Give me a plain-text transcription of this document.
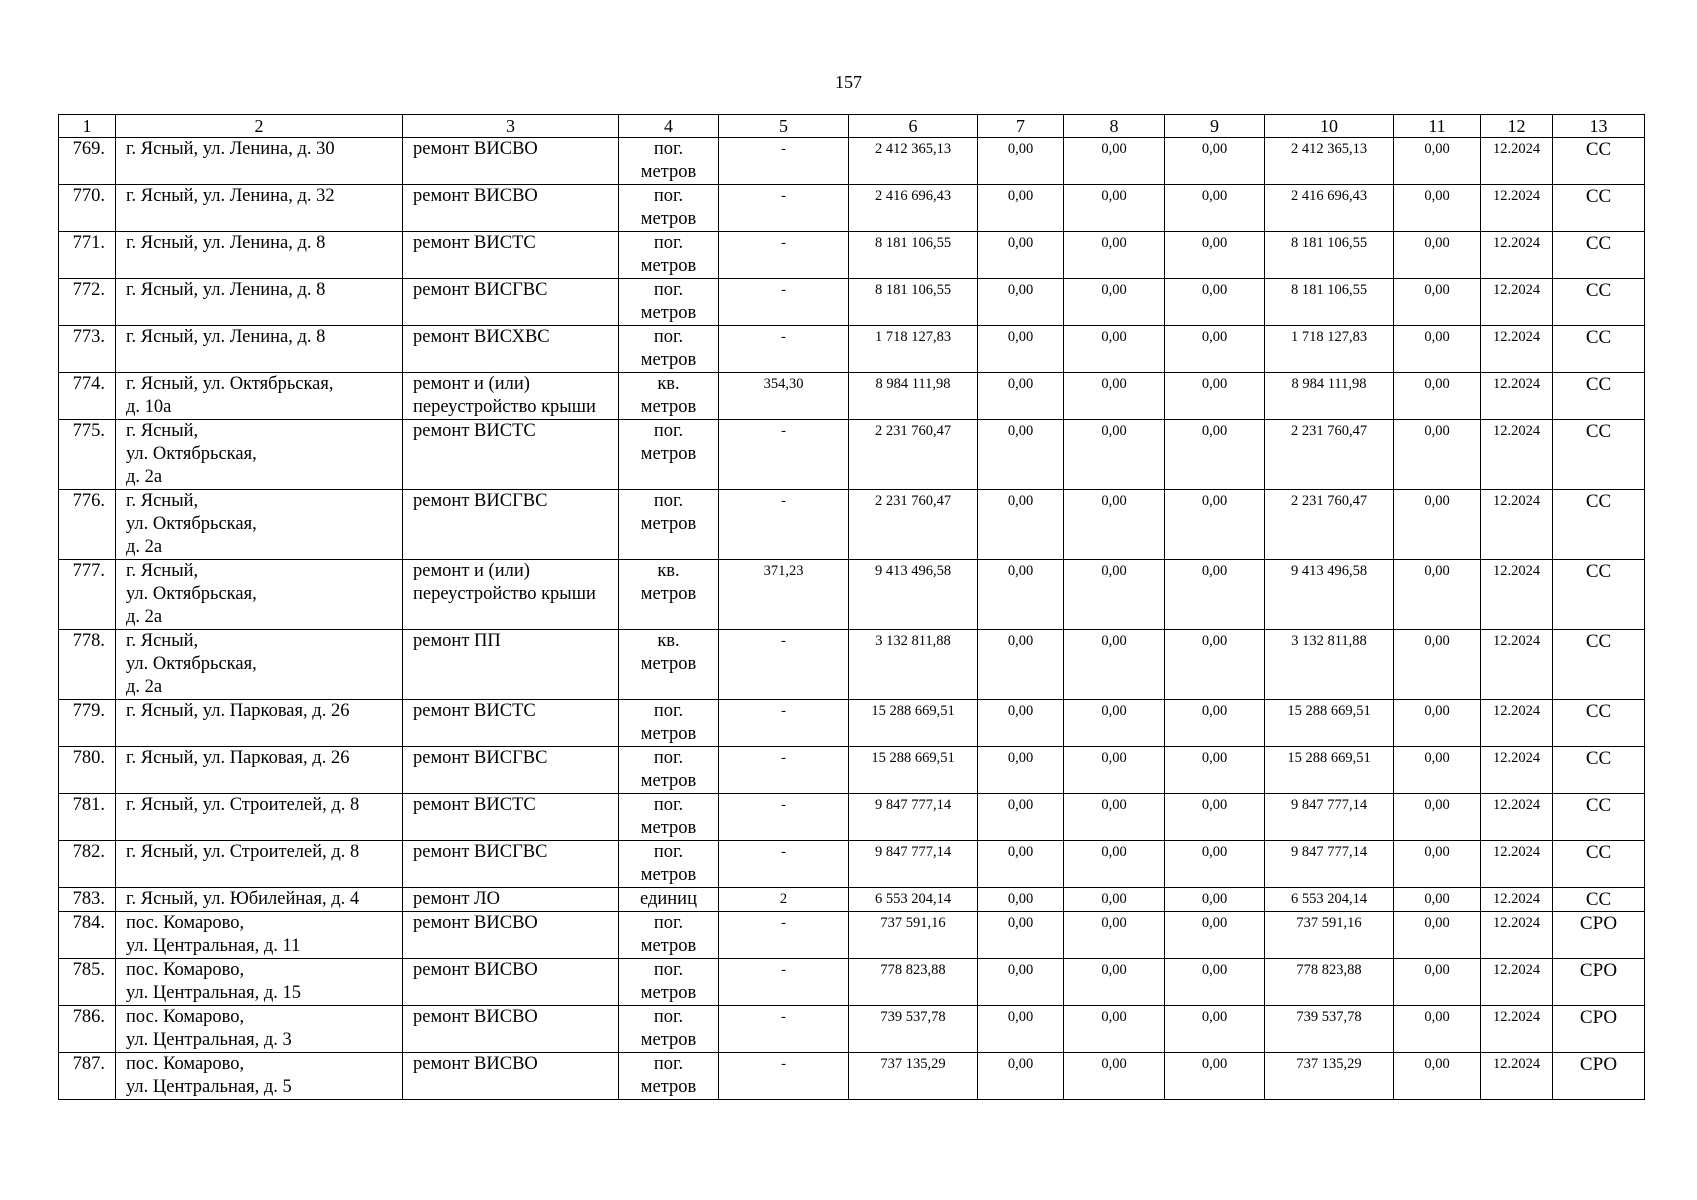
157
1	2	3	4	5	6	7	8	9	10	11	12	13
769.	г. Ясный, ул. Ленина, д. 30	ремонт ВИСВО	пог.
метров	-	2 412 365,13	0,00	0,00	0,00	2 412 365,13	0,00	12.2024	СС
770.	г. Ясный, ул. Ленина, д. 32	ремонт ВИСВО	пог.
метров	-	2 416 696,43	0,00	0,00	0,00	2 416 696,43	0,00	12.2024	СС
771.	г. Ясный, ул. Ленина, д. 8	ремонт ВИСТС	пог.
метров	-	8 181 106,55	0,00	0,00	0,00	8 181 106,55	0,00	12.2024	СС
772.	г. Ясный, ул. Ленина, д. 8	ремонт ВИСГВС	пог.
метров	-	8 181 106,55	0,00	0,00	0,00	8 181 106,55	0,00	12.2024	СС
773.	г. Ясный, ул. Ленина, д. 8	ремонт ВИСХВС	пог.
метров	-	1 718 127,83	0,00	0,00	0,00	1 718 127,83	0,00	12.2024	СС
774.	г. Ясный, ул. Октябрьская,
д. 10а	ремонт и (или)
переустройство крыши	кв.
метров	354,30	8 984 111,98	0,00	0,00	0,00	8 984 111,98	0,00	12.2024	СС
775.	г. Ясный,
ул. Октябрьская,
д. 2а	ремонт ВИСТС	пог.
метров	-	2 231 760,47	0,00	0,00	0,00	2 231 760,47	0,00	12.2024	СС
776.	г. Ясный,
ул. Октябрьская,
д. 2а	ремонт ВИСГВС	пог.
метров	-	2 231 760,47	0,00	0,00	0,00	2 231 760,47	0,00	12.2024	СС
777.	г. Ясный,
ул. Октябрьская,
д. 2а	ремонт и (или)
переустройство крыши	кв.
метров	371,23	9 413 496,58	0,00	0,00	0,00	9 413 496,58	0,00	12.2024	СС
778.	г. Ясный,
ул. Октябрьская,
д. 2а	ремонт ПП	кв.
метров	-	3 132 811,88	0,00	0,00	0,00	3 132 811,88	0,00	12.2024	СС
779.	г. Ясный, ул. Парковая, д. 26	ремонт ВИСТС	пог.
метров	-	15 288 669,51	0,00	0,00	0,00	15 288 669,51	0,00	12.2024	СС
780.	г. Ясный, ул. Парковая, д. 26	ремонт ВИСГВС	пог.
метров	-	15 288 669,51	0,00	0,00	0,00	15 288 669,51	0,00	12.2024	СС
781.	г. Ясный, ул. Строителей, д. 8	ремонт ВИСТС	пог.
метров	-	9 847 777,14	0,00	0,00	0,00	9 847 777,14	0,00	12.2024	СС
782.	г. Ясный, ул. Строителей, д. 8	ремонт ВИСГВС	пог.
метров	-	9 847 777,14	0,00	0,00	0,00	9 847 777,14	0,00	12.2024	СС
783.	г. Ясный, ул. Юбилейная, д. 4	ремонт ЛО	единиц	2	6 553 204,14	0,00	0,00	0,00	6 553 204,14	0,00	12.2024	СС
784.	пос. Комарово,
ул. Центральная, д. 11	ремонт ВИСВО	пог.
метров	-	737 591,16	0,00	0,00	0,00	737 591,16	0,00	12.2024	СРО
785.	пос. Комарово,
ул. Центральная, д. 15	ремонт ВИСВО	пог.
метров	-	778 823,88	0,00	0,00	0,00	778 823,88	0,00	12.2024	СРО
786.	пос. Комарово,
ул. Центральная, д. 3	ремонт ВИСВО	пог.
метров	-	739 537,78	0,00	0,00	0,00	739 537,78	0,00	12.2024	СРО
787.	пос. Комарово,
ул. Центральная, д. 5	ремонт ВИСВО	пог.
метров	-	737 135,29	0,00	0,00	0,00	737 135,29	0,00	12.2024	СРО
